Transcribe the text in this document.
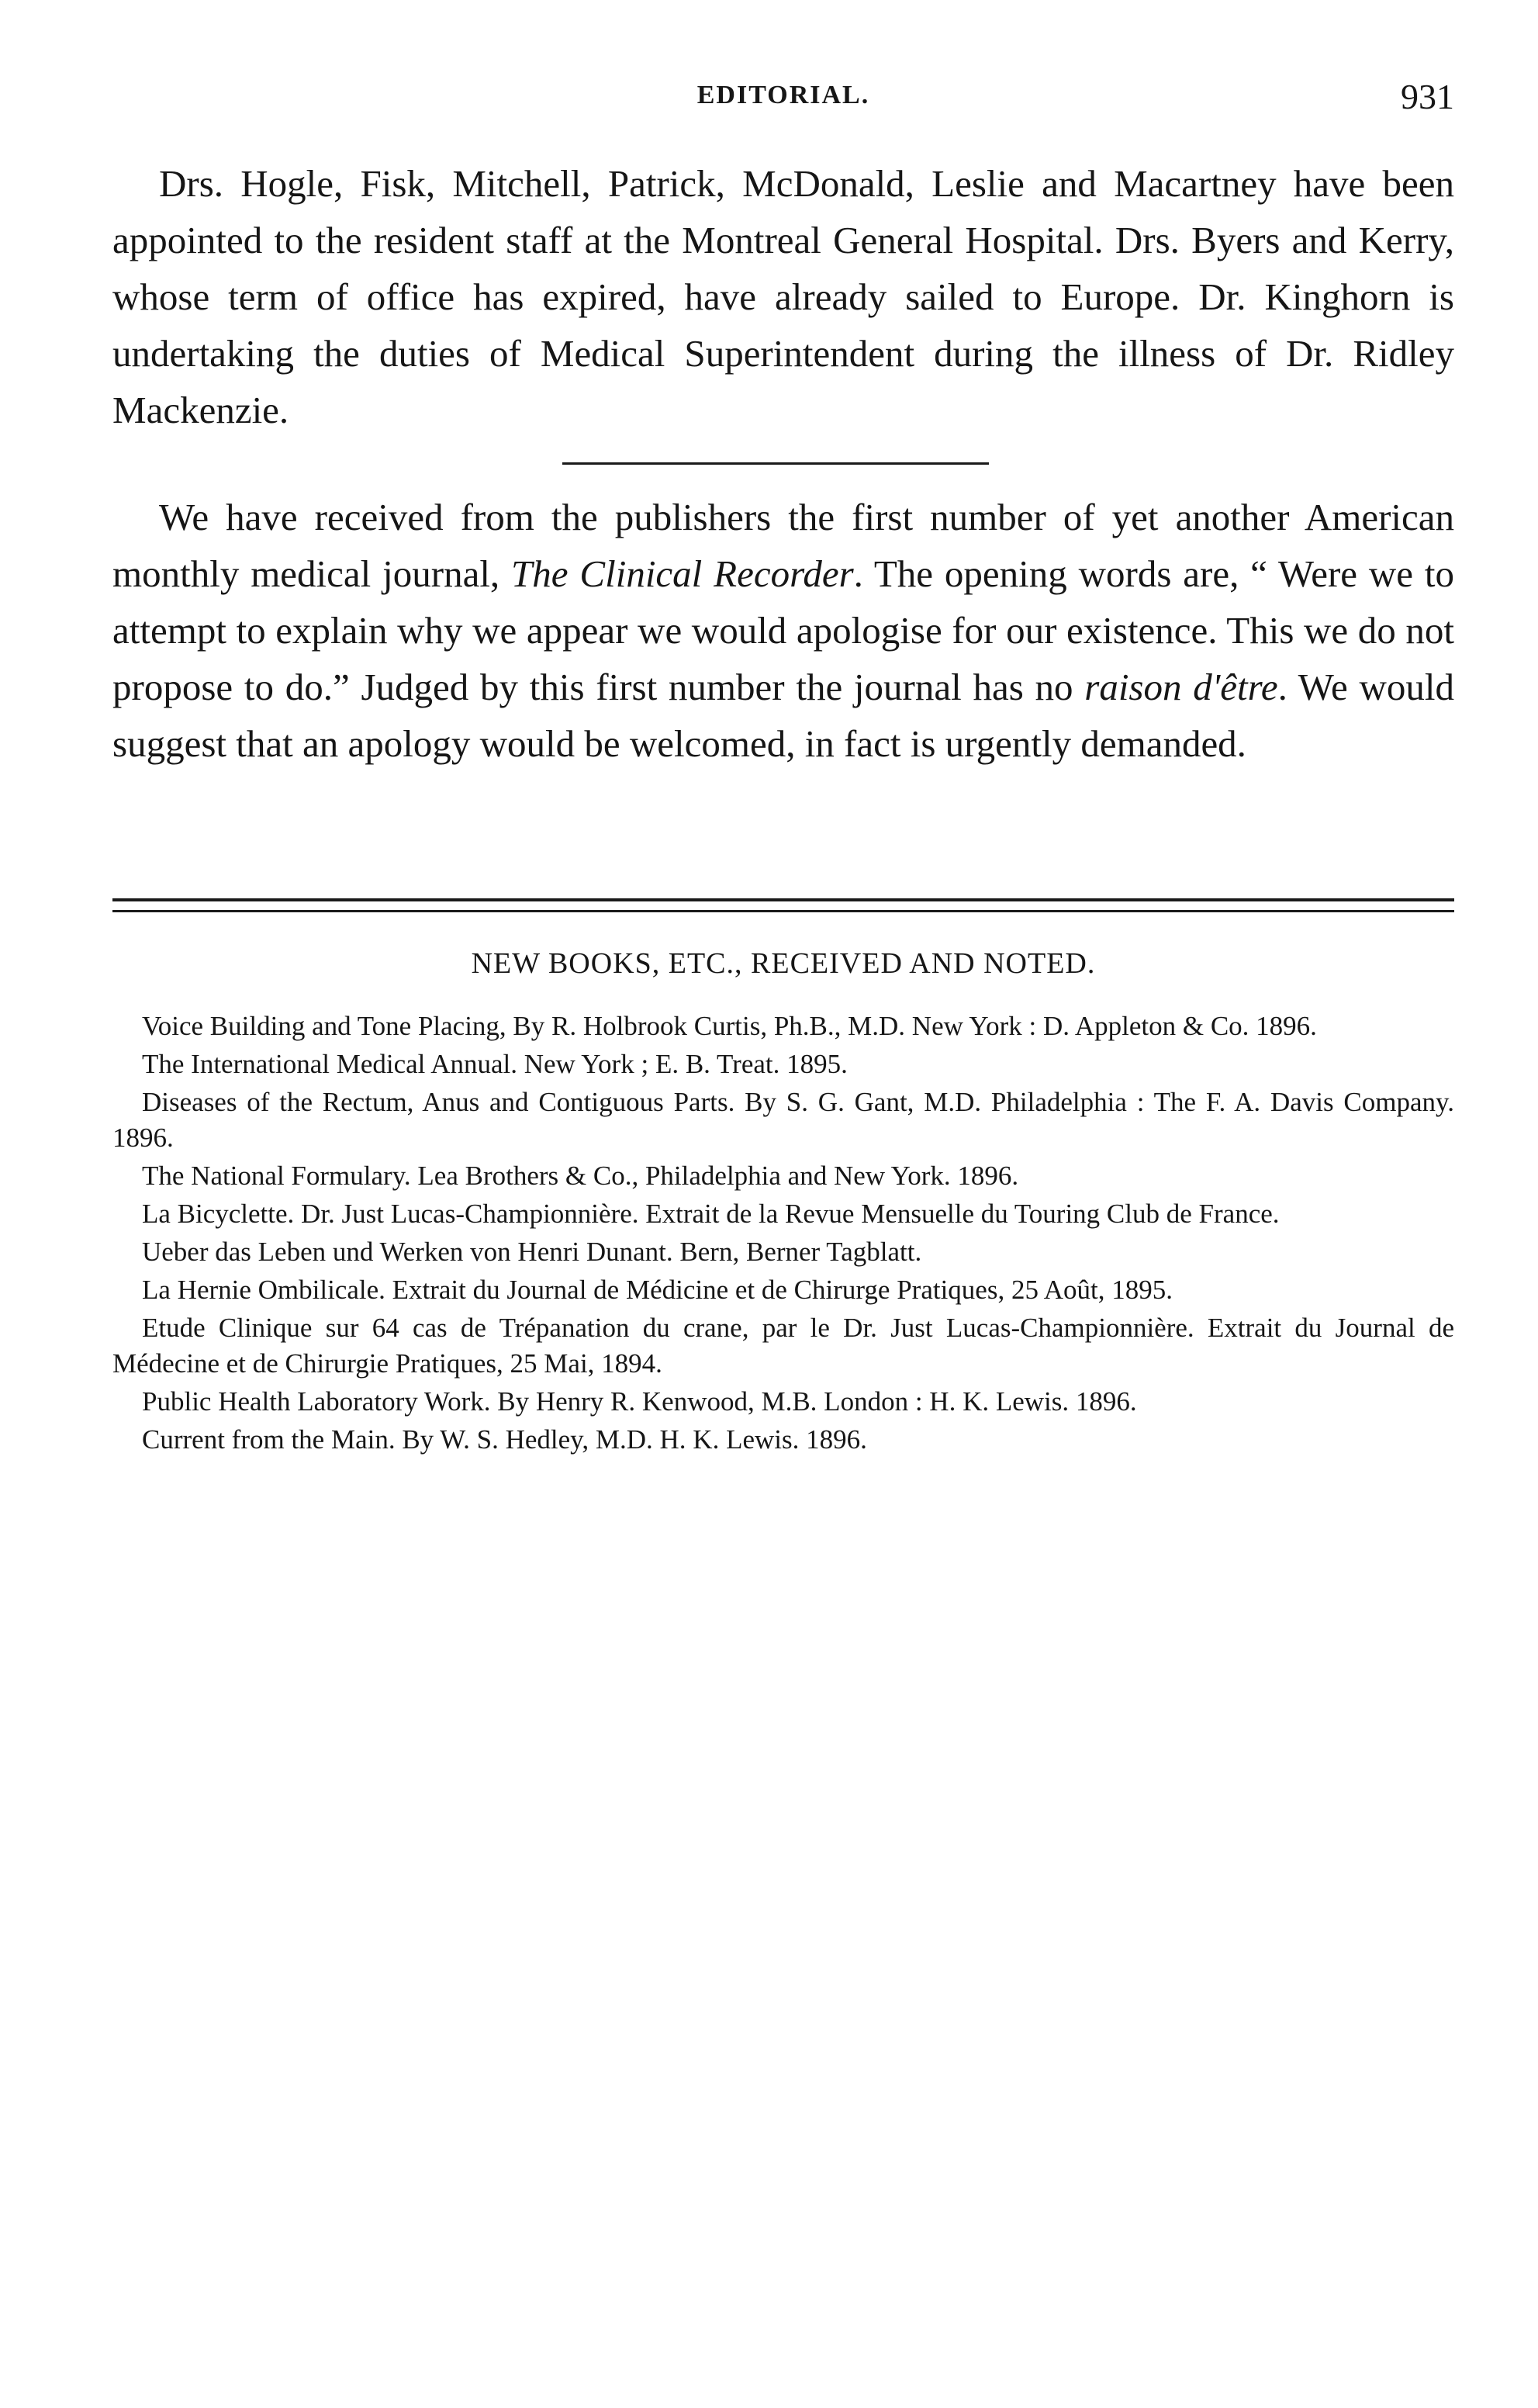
EDITORIAL.	931

Drs. Hogle, Fisk, Mitchell, Patrick, McDonald, Leslie and Macartney have been appointed to the resident staff at the Montreal General Hospital. Drs. Byers and Kerry, whose term of office has expired, have already sailed to Europe. Dr. Kinghorn is undertaking the duties of Medical Superintendent during the illness of Dr. Ridley Mackenzie.

We have received from the publishers the first number of yet another American monthly medical journal, The Clinical Recorder. The opening words are, “ Were we to attempt to explain why we appear we would apologise for our existence. This we do not propose to do.” Judged by this first number the journal has no raison d'être. We would suggest that an apology would be welcomed, in fact is urgently demanded.

NEW BOOKS, ETC., RECEIVED AND NOTED.
Voice Building and Tone Placing, By R. Holbrook Curtis, Ph.B., M.D. New York : D. Appleton & Co. 1896.
The International Medical Annual. New York ; E. B. Treat. 1895.
Diseases of the Rectum, Anus and Contiguous Parts. By S. G. Gant, M.D. Philadelphia : The F. A. Davis Company. 1896.
The National Formulary. Lea Brothers & Co., Philadelphia and New York. 1896.
La Bicyclette. Dr. Just Lucas-Championnière. Extrait de la Revue Mensuelle du Touring Club de France.
Ueber das Leben und Werken von Henri Dunant. Bern, Berner Tagblatt.
La Hernie Ombilicale. Extrait du Journal de Médicine et de Chirurge Pratiques, 25 Août, 1895.
Etude Clinique sur 64 cas de Trépanation du crane, par le Dr. Just Lucas-Championnière. Extrait du Journal de Médecine et de Chirurgie Pratiques, 25 Mai, 1894.
Public Health Laboratory Work. By Henry R. Kenwood, M.B. London : H. K. Lewis. 1896.
Current from the Main. By W. S. Hedley, M.D. H. K. Lewis. 1896.
